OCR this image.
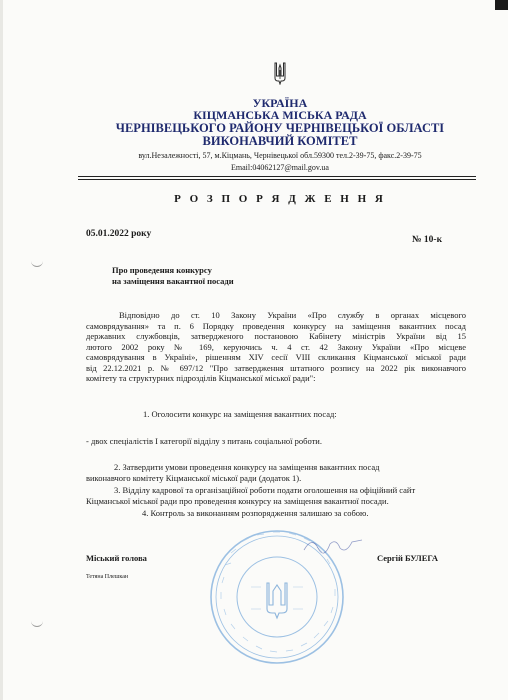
УКРАЇНА
КІЦМАНСЬКА МІСЬКА РАДА
ЧЕРНІВЕЦЬКОГО РАЙОНУ ЧЕРНІВЕЦЬКОЇ ОБЛАСТІ
ВИКОНАВЧИЙ КОМІТЕТ
вул.Незалежності, 57, м.Кіцмань, Чернівецької обл.59300 тел.2-39-75, факс.2-39-75
Email:04062127@mail.gov.ua
Р О З П О Р Я Д Ж Е Н Н Я
05.01.2022 року
№ 10-к
Про проведення конкурсу
на заміщення вакантної посади
Відповідно до ст. 10 Закону України «Про службу в органах місцевого
самоврядування» та п. 6 Порядку проведення конкурсу на заміщення вакантних посад
державних службовців, затвердженого постановою Кабінету міністрів України від 15
лютого 2002 року № 169, керуючись ч. 4 ст. 42 Закону України «Про місцеве
самоврядування в Україні», рішенням XIV сесії VIII скликання Кіцманської міської ради
від 22.12.2021 р. № 697/12 "Про затвердження штатного розпису на 2022 рік виконавчого
комітету та структурних підрозділів Кіцманської міської ради":
1. Оголосити конкурс на заміщення вакантних посад:
- двох спеціалістів І категорії відділу з питань соціальної роботи.
2. Затвердити умови проведення конкурсу на заміщення вакантних посад
виконавчого комітету Кіцманської міської ради (додаток 1).
3. Відділу кадрової та організаційної роботи подати оголошення на офіційний сайт
Кіцманської міської ради про проведення конкурсу на заміщення вакантної посади.
4. Контроль за виконанням розпорядження залишаю за собою.
Міський голова	Сергій БУЛЕГА
Тетяна Плешкан
